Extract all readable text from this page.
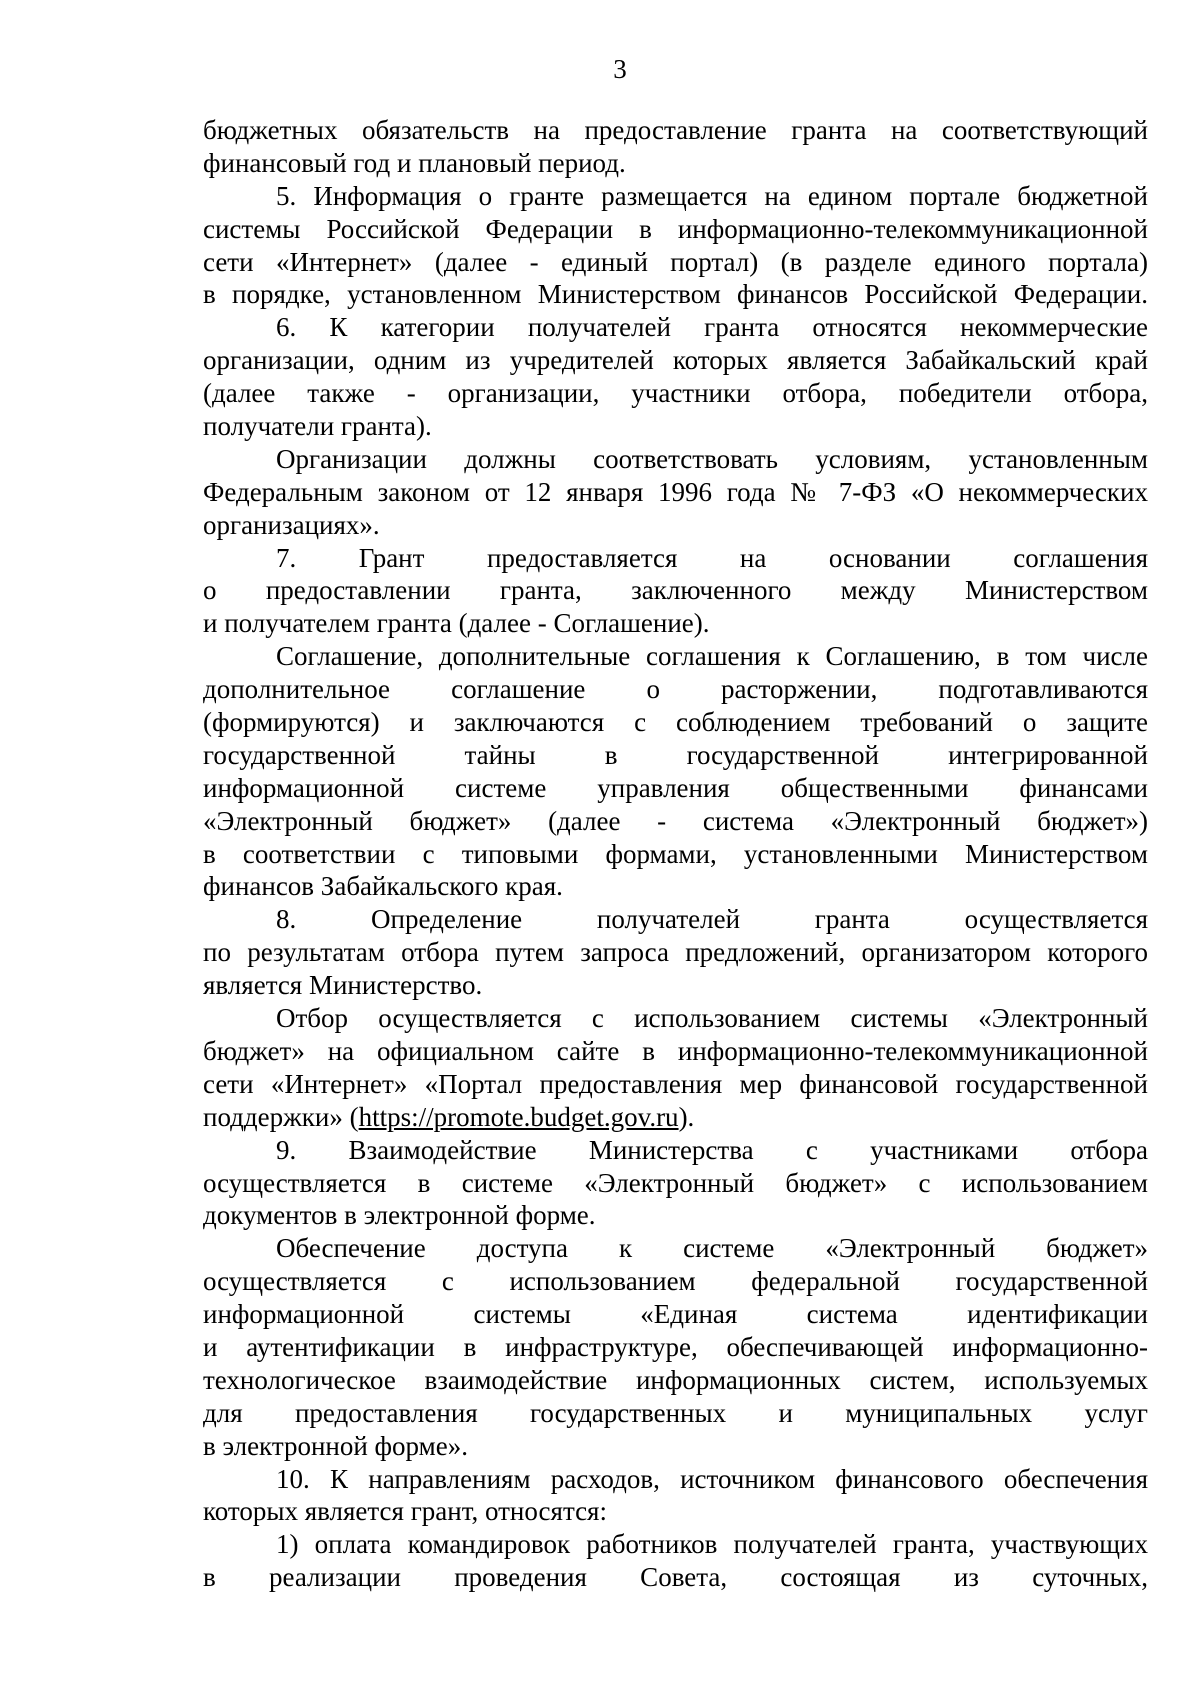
3
бюджетных обязательств на предоставление гранта на соответствующий
финансовый год и плановый период.
5. Информация о гранте размещается на едином портале бюджетной
системы Российской Федерации в информационно-телекоммуникационной
сети «Интернет» (далее - единый портал) (в разделе единого портала)
в порядке, установленном Министерством финансов Российской Федерации.
6. К категории получателей гранта относятся некоммерческие
организации, одним из учредителей которых является Забайкальский край
(далее также - организации, участники отбора, победители отбора,
получатели гранта).
Организации должны соответствовать условиям, установленным
Федеральным законом от 12 января 1996 года № 7-ФЗ «О некоммерческих
организациях».
7. Грант предоставляется на основании соглашения
о предоставлении гранта, заключенного между Министерством
и получателем гранта (далее - Соглашение).
Соглашение, дополнительные соглашения к Соглашению, в том числе
дополнительное соглашение о расторжении, подготавливаются
(формируются) и заключаются с соблюдением требований о защите
государственной тайны в государственной интегрированной
информационной системе управления общественными финансами
«Электронный бюджет» (далее - система «Электронный бюджет»)
в соответствии с типовыми формами, установленными Министерством
финансов Забайкальского края.
8. Определение получателей гранта осуществляется
по результатам отбора путем запроса предложений, организатором которого
является Министерство.
Отбор осуществляется с использованием системы «Электронный
бюджет» на официальном сайте в информационно-телекоммуникационной
сети «Интернет» «Портал предоставления мер финансовой государственной
поддержки» (https://promote.budget.gov.ru).
9. Взаимодействие Министерства с участниками отбора
осуществляется в системе «Электронный бюджет» с использованием
документов в электронной форме.
Обеспечение доступа к системе «Электронный бюджет»
осуществляется с использованием федеральной государственной
информационной системы «Единая система идентификации
и аутентификации в инфраструктуре, обеспечивающей информационно-
технологическое взаимодействие информационных систем, используемых
для предоставления государственных и муниципальных услуг
в электронной форме».
10. К направлениям расходов, источником финансового обеспечения
которых является грант, относятся:
1) оплата командировок работников получателей гранта, участвующих
в реализации проведения Совета, состоящая из суточных,
